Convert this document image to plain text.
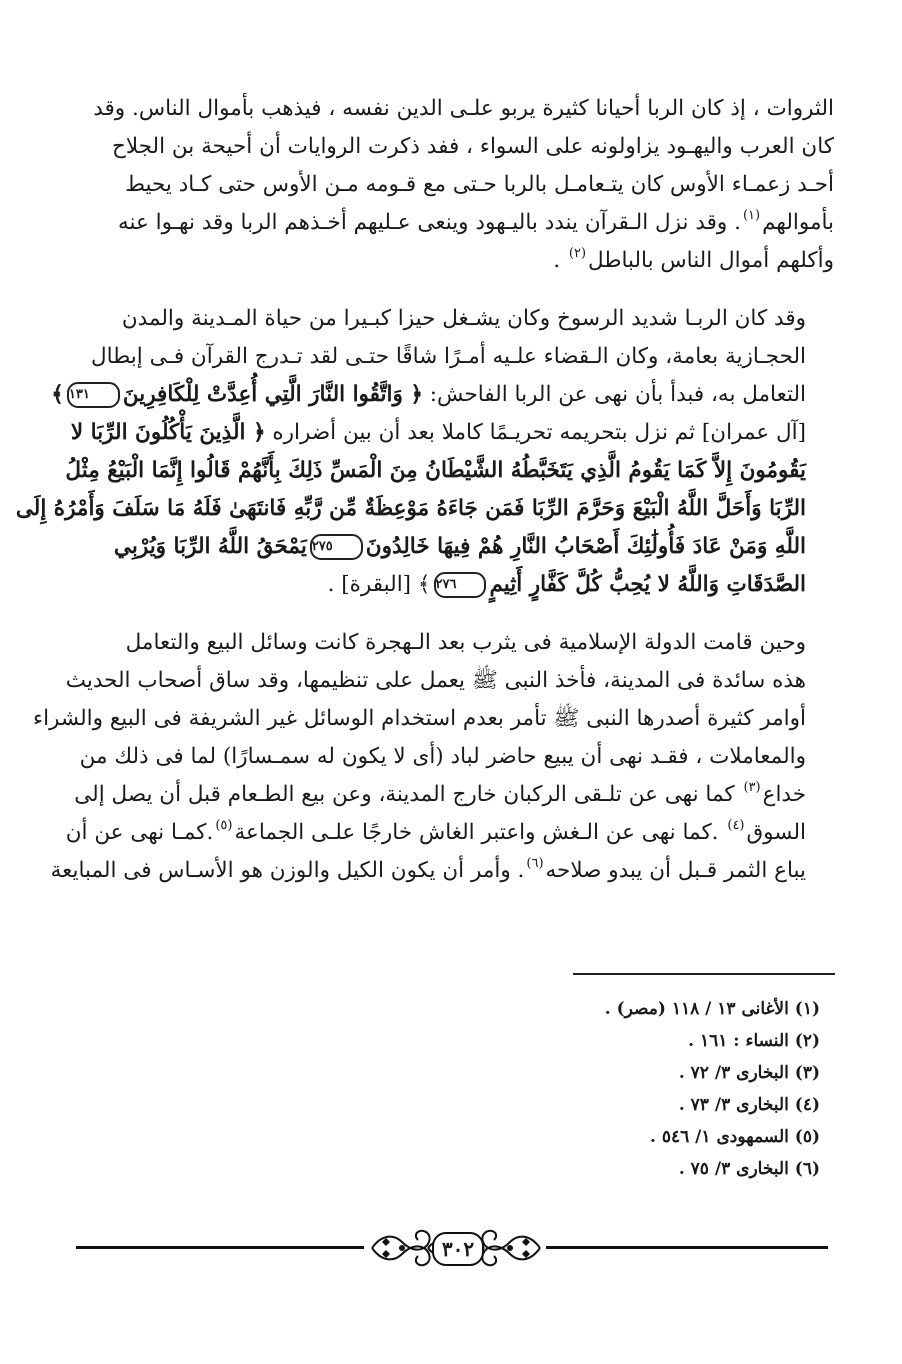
الثروات ، إذ كان الربا أحيانا كثيرة يربو علـى الدين نفسه ، فيذهب بأموال الناس. وقد
كان العرب واليهـود يزاولونه على السواء ، ففد ذكرت الروايات أن أحيحة بن الجلاح
أحـد زعمـاء الأوس كان يتـعامـل بالربا حـتى مع قـومه مـن الأوس حتى كـاد يحيط
بأموالهم$^{(١)}$. وقد نزل الـقرآن يندد باليـهود وينعى عـليهم أخـذهم الربا وقد نهـوا عنه
وأكلهم أموال الناس بالباطل$^{(٢)}$ .

وقد كان الربـا شديد الرسوخ وكان يشـغل حيزا كبـيرا من حياة المـدينة والمدن
الحجـازية بعامة، وكان الـقضاء علـيه أمـرًا شاقًا حتـى لقد تـدرج القرآن فـى إبطال
التعامل به، فبدأ بأن نهى عن الربا الفاحش: ﴿ وَاتَّقُوا النَّارَ الَّتِي أُعِدَّتْ لِلْكَافِرِينَ١٣١﴾
[آل عمران] ثم نزل بتحريمه تحريـمًا كاملا بعد أن بين أضراره ﴿ الَّذِينَ يَأْكُلُونَ الرِّبَا لا
يَقُومُونَ إِلاَّ كَمَا يَقُومُ الَّذِي يَتَخَبَّطُهُ الشَّيْطَانُ مِنَ الْمَسِّ ذَلِكَ بِأَنَّهُمْ قَالُوا إِنَّمَا الْبَيْعُ مِثْلُ
الرِّبَا وَأَحَلَّ اللَّهُ الْبَيْعَ وَحَرَّمَ الرِّبَا فَمَن جَاءَهُ مَوْعِظَةٌ مِّن رَّبِّهِ فَانتَهَىٰ فَلَهُ مَا سَلَفَ وَأَمْرُهُ إِلَى
اللَّهِ وَمَنْ عَادَ فَأُولَٰئِكَ أَصْحَابُ النَّارِ هُمْ فِيهَا خَالِدُونَ٢٧٥يَمْحَقُ اللَّهُ الرِّبَا وَيُرْبِي
الصَّدَقَاتِ وَاللَّهُ لا يُحِبُّ كُلَّ كَفَّارٍ أَثِيمٍ٢٧٦﴾ [البقرة] .

وحين قامت الدولة الإسلامية فى يثرب بعد الـهجرة كانت وسائل البيع والتعامل
هذه سائدة فى المدينة، فأخذ النبى ﷺ يعمل على تنظيمها، وقد ساق أصحاب الحديث
أوامر كثيرة أصدرها النبى ﷺ تأمر بعدم استخدام الوسائل غير الشريفة فى البيع والشراء
والمعاملات ، فقـد نهى أن يبيع حاضر لباد (أى لا يكون له سمـسارًا) لما فى ذلك من
خداع$^{(٣)}$ كما نهى عن تلـقى الركبان خارج المدينة، وعن بيع الطـعام قبل أن يصل إلى
السوق$^{(٤)}$ .كما نهى عن الـغش واعتبر الغاش خارجًا علـى الجماعة$^{(٥)}$.كمـا نهى عن أن
يباع الثمر قـبل أن يبدو صلاحه$^{(٦)}$. وأمر أن يكون الكيل والوزن هو الأسـاس فى المبايعة

(١) الأغانى ١٣ / ١١٨ (مصر) .
(٢) النساء : ١٦١ .
(٣) البخارى ٣/ ٧٢ .
(٤) البخارى ٣/ ٧٣ .
(٥) السمهودى ١/ ٥٤٦ .
(٦) البخارى ٣/ ٧٥ .
٣٠٢
